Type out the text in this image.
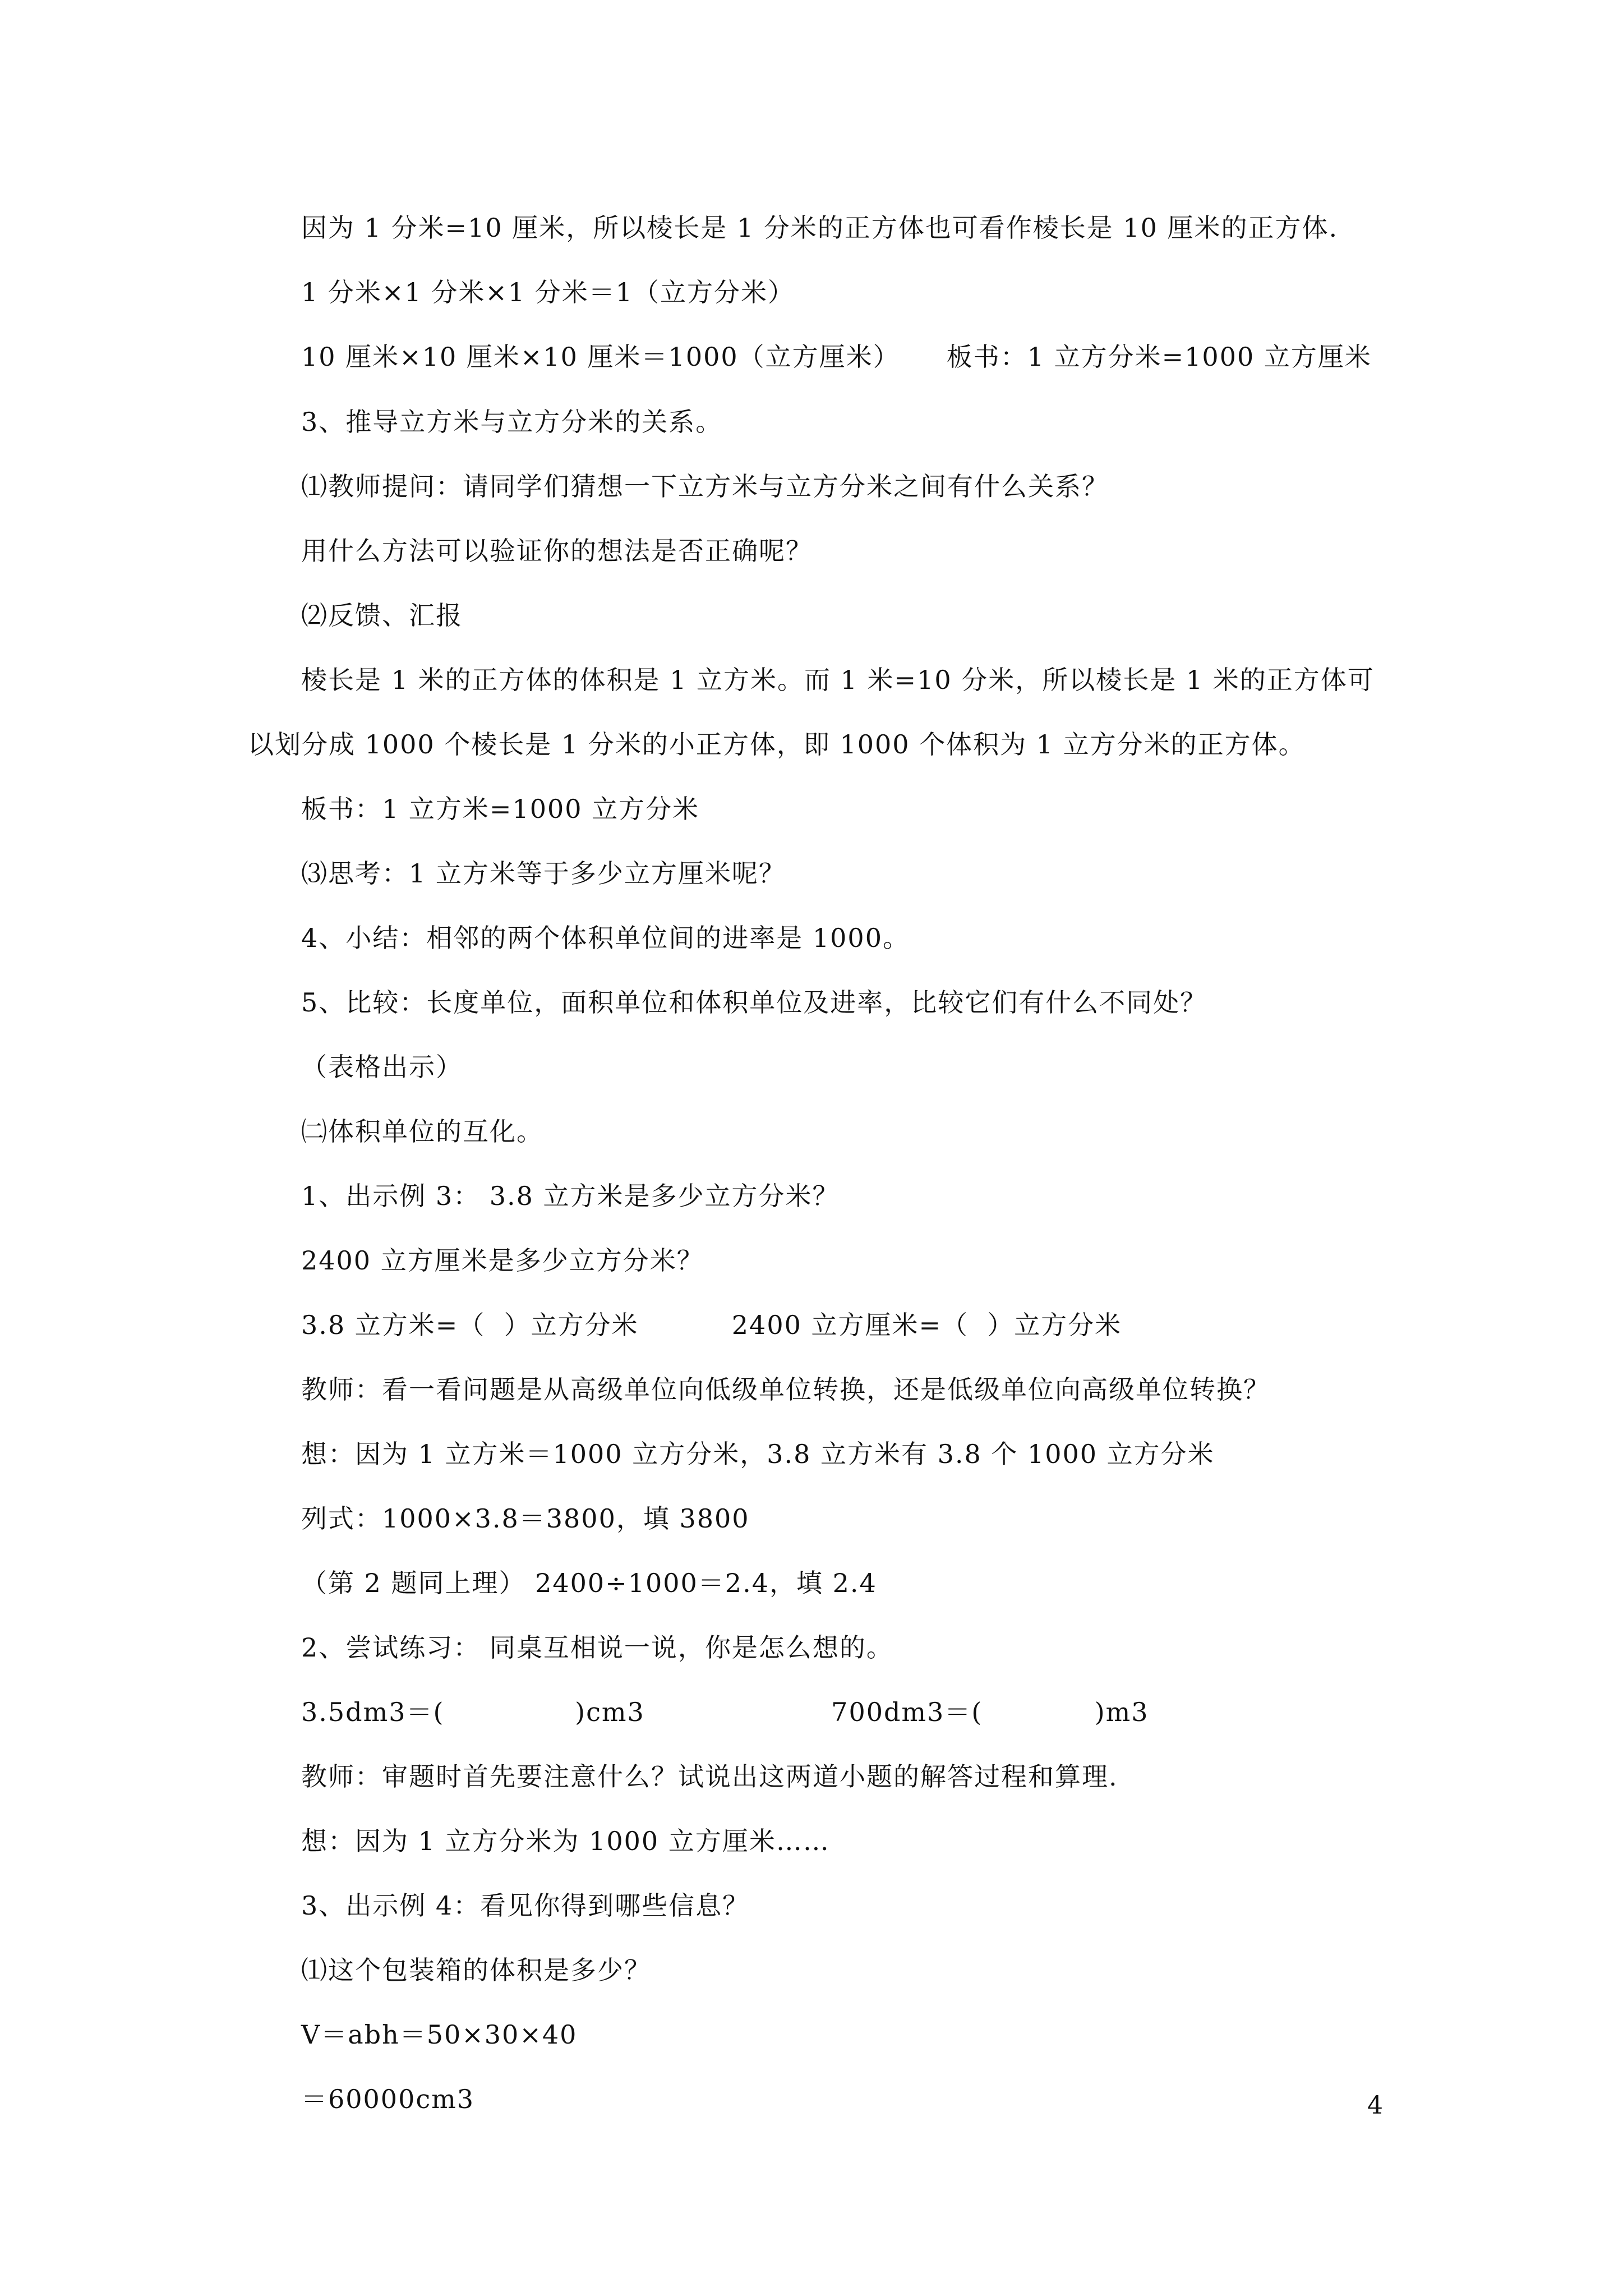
因为 1 分米=10 厘米，所以棱长是 1 分米的正方体也可看作棱长是 10 厘米的正方体.
1 分米×1 分米×1 分米＝1（立方分米）
10 厘米×10 厘米×10 厘米＝1000（立方厘米）     板书：1 立方分米=1000 立方厘米
3、推导立方米与立方分米的关系。
⑴教师提问：请同学们猜想一下立方米与立方分米之间有什么关系？
用什么方法可以验证你的想法是否正确呢？
⑵反馈、汇报
棱长是 1 米的正方体的体积是 1 立方米。而 1 米=10 分米，所以棱长是 1 米的正方体可
以划分成 1000 个棱长是 1 分米的小正方体，即 1000 个体积为 1 立方分米的正方体。
板书：1 立方米=1000 立方分米
⑶思考：1 立方米等于多少立方厘米呢？
4、小结：相邻的两个体积单位间的进率是 1000。
5、比较：长度单位，面积单位和体积单位及进率，比较它们有什么不同处？
（表格出示）
㈡体积单位的互化。
1、出示例 3： 3.8 立方米是多少立方分米？
2400 立方厘米是多少立方分米？
3.8 立方米=（  ）立方分米          2400 立方厘米=（  ）立方分米
教师：看一看问题是从高级单位向低级单位转换，还是低级单位向高级单位转换？
想：因为 1 立方米＝1000 立方分米，3.8 立方米有 3.8 个 1000 立方分米
列式：1000×3.8＝3800，填 3800
（第 2 题同上理） 2400÷1000＝2.4，填 2.4
2、尝试练习： 同桌互相说一说，你是怎么想的。
3.5dm3＝(              )cm3                    700dm3＝(            )m3
教师：审题时首先要注意什么？试说出这两道小题的解答过程和算理.
想：因为 1 立方分米为 1000 立方厘米……
3、出示例 4：看见你得到哪些信息？
⑴这个包装箱的体积是多少？
V＝abh＝50×30×40
＝60000cm3	4
